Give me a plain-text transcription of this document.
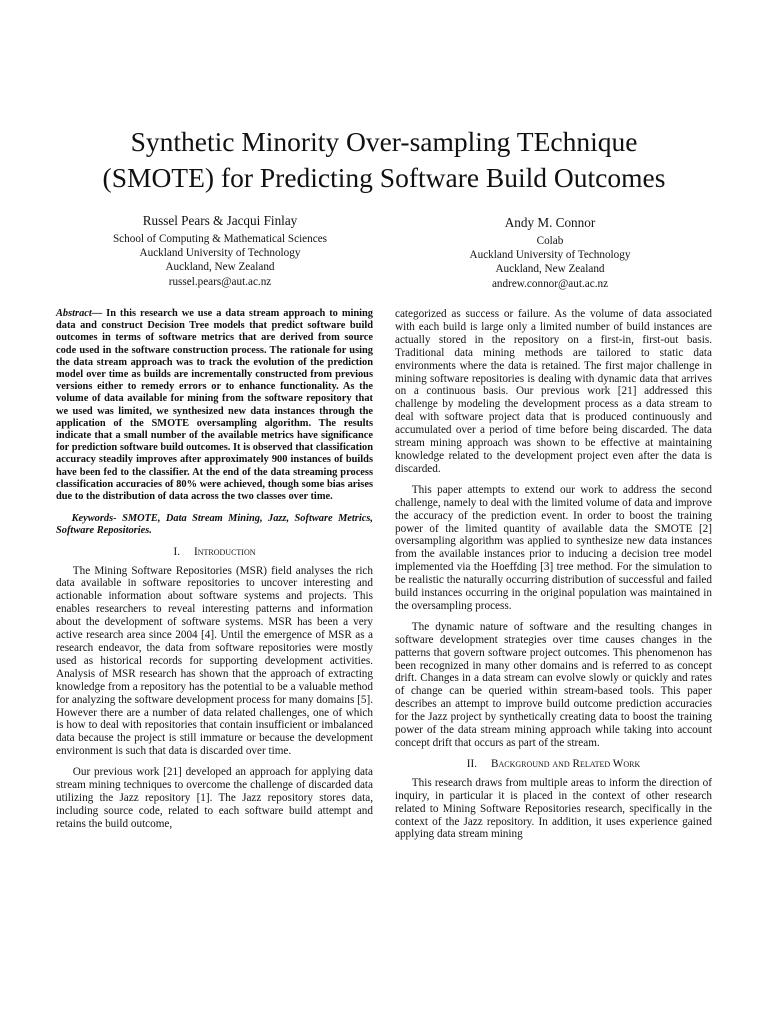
Synthetic Minority Over-sampling TEchnique
(SMOTE) for Predicting Software Build Outcomes
Russel Pears & Jacqui Finlay
School of Computing & Mathematical Sciences
Auckland University of Technology
Auckland, New Zealand
russel.pears@aut.ac.nz
Andy M. Connor
Colab
Auckland University of Technology
Auckland, New Zealand
andrew.connor@aut.ac.nz

Abstract— In this research we use a data stream approach to mining data and construct Decision Tree models that predict software build outcomes in terms of software metrics that are derived from source code used in the software construction process. The rationale for using the data stream approach was to track the evolution of the prediction model over time as builds are incrementally constructed from previous versions either to remedy errors or to enhance functionality. As the volume of data available for mining from the software repository that we used was limited, we synthesized new data instances through the application of the SMOTE oversampling algorithm. The results indicate that a small number of the available metrics have significance for prediction software build outcomes. It is observed that classification accuracy steadily improves after approximately 900 instances of builds have been fed to the classifier. At the end of the data streaming process classification accuracies of 80% were achieved, though some bias arises due to the distribution of data across the two classes over time.

Keywords- SMOTE, Data Stream Mining, Jazz, Software Metrics, Software Repositories.

I. Introduction

The Mining Software Repositories (MSR) field analyses the rich data available in software repositories to uncover interesting and actionable information about software systems and projects. This enables researchers to reveal interesting patterns and information about the development of software systems. MSR has been a very active research area since 2004 [4]. Until the emergence of MSR as a research endeavor, the data from software repositories were mostly used as historical records for supporting development activities. Analysis of MSR research has shown that the approach of extracting knowledge from a repository has the potential to be a valuable method for analyzing the software development process for many domains [5]. However there are a number of data related challenges, one of which is how to deal with repositories that contain insufficient or imbalanced data because the project is still immature or because the development environment is such that data is discarded over time.

Our previous work [21] developed an approach for applying data stream mining techniques to overcome the challenge of discarded data utilizing the Jazz repository [1]. The Jazz repository stores data, including source code, related to each software build attempt and retains the build outcome,

categorized as success or failure. As the volume of data associated with each build is large only a limited number of build instances are actually stored in the repository on a first-in, first-out basis. Traditional data mining methods are tailored to static data environments where the data is retained. The first major challenge in mining software repositories is dealing with dynamic data that arrives on a continuous basis. Our previous work [21] addressed this challenge by modeling the development process as a data stream to deal with software project data that is produced continuously and accumulated over a period of time before being discarded. The data stream mining approach was shown to be effective at maintaining knowledge related to the development project even after the data is discarded.

This paper attempts to extend our work to address the second challenge, namely to deal with the limited volume of data and improve the accuracy of the prediction event. In order to boost the training power of the limited quantity of available data the SMOTE [2] oversampling algorithm was applied to synthesize new data instances from the available instances prior to inducing a decision tree model implemented via the Hoeffding [3] tree method. For the simulation to be realistic the naturally occurring distribution of successful and failed build instances occurring in the original population was maintained in the oversampling process.

The dynamic nature of software and the resulting changes in software development strategies over time causes changes in the patterns that govern software project outcomes. This phenomenon has been recognized in many other domains and is referred to as concept drift. Changes in a data stream can evolve slowly or quickly and rates of change can be queried within stream-based tools. This paper describes an attempt to improve build outcome prediction accuracies for the Jazz project by synthetically creating data to boost the training power of the data stream mining approach while taking into account concept drift that occurs as part of the stream.

II. Background and Related Work

This research draws from multiple areas to inform the direction of inquiry, in particular it is placed in the context of other research related to Mining Software Repositories research, specifically in the context of the Jazz repository. In addition, it uses experience gained applying data stream mining
